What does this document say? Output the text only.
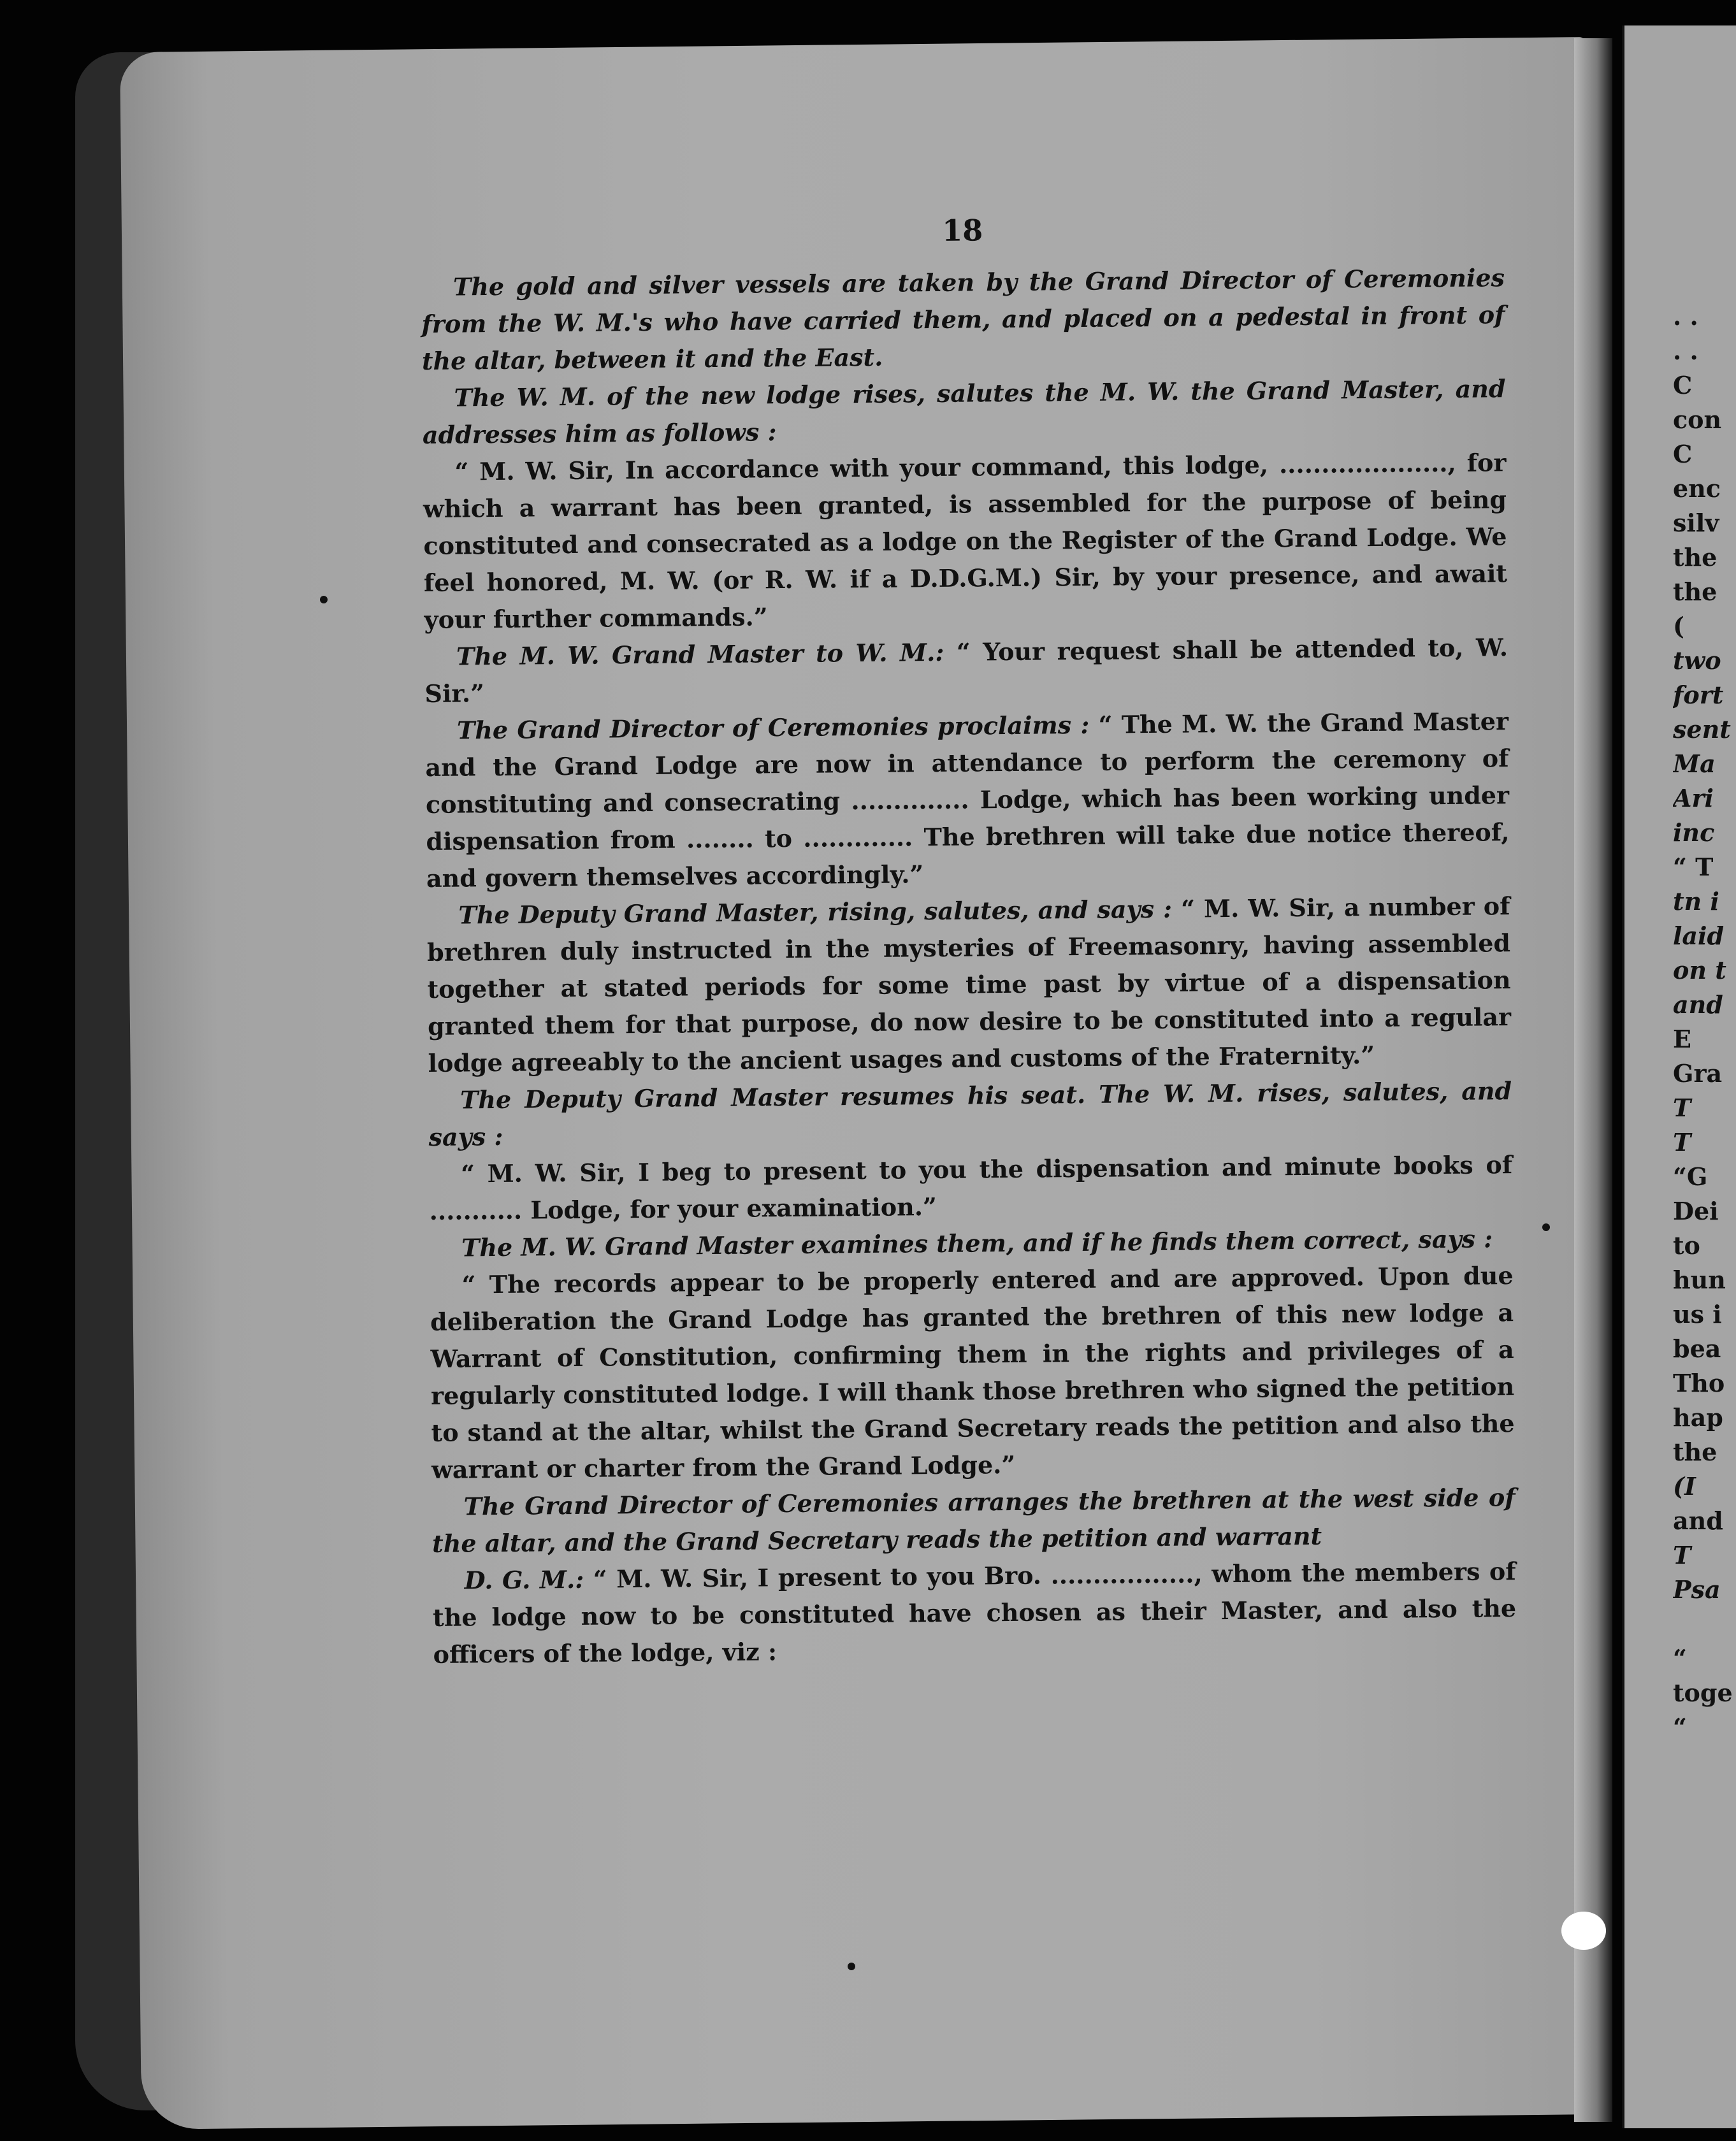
18

The gold and silver vessels are taken by the Grand Director of Ceremonies from the W. M.'s who have carried them, and placed on a pedestal in front of the altar, between it and the East.

The W. M. of the new lodge rises, salutes the M. W. the Grand Master, and addresses him as follows :

“ M. W. Sir, In accordance with your command, this lodge, ...................., for which a warrant has been granted, is assembled for the purpose of being constituted and consecrated as a lodge on the Register of the Grand Lodge. We feel honored, M. W. (or R. W. if a D.D.G.M.) Sir, by your presence, and await your further commands.”

The M. W. Grand Master to W. M.: “ Your request shall be attended to, W. Sir.”

The Grand Director of Ceremonies proclaims : “ The M. W. the Grand Master and the Grand Lodge are now in attendance to perform the ceremony of constituting and consecrating .............. Lodge, which has been working under dispensation from ........ to ............. The brethren will take due notice thereof, and govern themselves accordingly.”

The Deputy Grand Master, rising, salutes, and says : “ M. W. Sir, a number of brethren duly instructed in the mysteries of Freemasonry, having assembled together at stated periods for some time past by virtue of a dispensation granted them for that purpose, do now desire to be constituted into a regular lodge agreeably to the ancient usages and customs of the Fraternity.”

The Deputy Grand Master resumes his seat. The W. M. rises, salutes, and says :

“ M. W. Sir, I beg to present to you the dispensation and minute books of ........... Lodge, for your examination.”

The M. W. Grand Master examines them, and if he finds them correct, says :

“ The records appear to be properly entered and are approved. Upon due deliberation the Grand Lodge has granted the brethren of this new lodge a Warrant of Constitution, confirming them in the rights and privileges of a regularly constituted lodge. I will thank those brethren who signed the petition to stand at the altar, whilst the Grand Secretary reads the petition and also the warrant or charter from the Grand Lodge.”

The Grand Director of Ceremonies arranges the brethren at the west side of the altar, and the Grand Secretary reads the petition and warrant

D. G. M.: “ M. W. Sir, I present to you Bro. ................., whom the members of the lodge now to be constituted have chosen as their Master, and also the officers of the lodge, viz :

. .
. .
C
con
C
enc
silv
the
the
(
two
fort
sent
Ma
Ari
inc
“ T
tn i
laid
on t
and
E
Gra
T
T
“G
Dei
to
hun
us i
bea
Tho
hap
the
(I
and
T
Psa
“
toge
“
